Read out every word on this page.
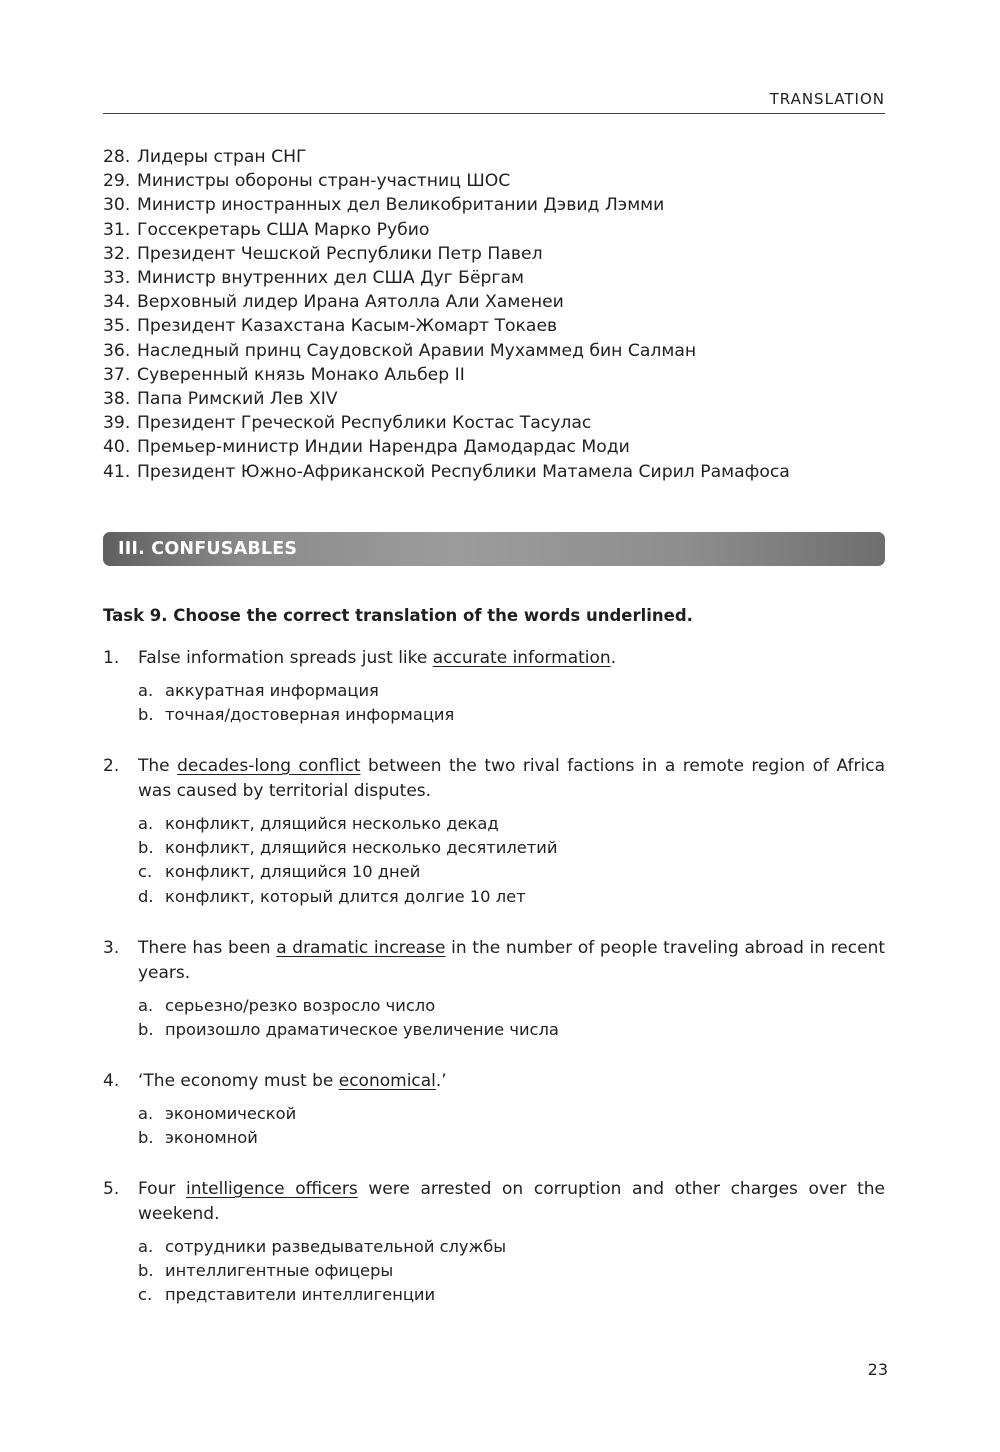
TRANSLATION
28. Лидеры стран СНГ
29. Министры обороны стран-участниц ШОС
30. Министр иностранных дел Великобритании Дэвид Лэмми
31. Госсекретарь США Марко Рубио
32. Президент Чешской Республики Петр Павел
33. Министр внутренних дел США Дуг Бёргам
34. Верховный лидер Ирана Аятолла Али Хаменеи
35. Президент Казахстана Касым-Жомарт Токаев
36. Наследный принц Саудовской Аравии Мухаммед бин Салман
37. Суверенный князь Монако Альбер II
38. Папа Римский Лев XIV
39. Президент Греческой Республики Костас Тасулас
40. Премьер-министр Индии Нарендра Дамодардас Моди
41. Президент Южно-Африканской Республики Матамела Сирил Рамафоса
III. CONFUSABLES
Task 9. Choose the correct translation of the words underlined.
1. False information spreads just like accurate information.
a. аккуратная информация
b. точная/достоверная информация
2. The decades-long conflict between the two rival factions in a remote region of Africa was caused by territorial disputes.
a. конфликт, длящийся несколько декад
b. конфликт, длящийся несколько десятилетий
c. конфликт, длящийся 10 дней
d. конфликт, который длится долгие 10 лет
3. There has been a dramatic increase in the number of people traveling abroad in recent years.
a. серьезно/резко возросло число
b. произошло драматическое увеличение числа
4. ‘The economy must be economical.’
a. экономической
b. экономной
5. Four intelligence officers were arrested on corruption and other charges over the weekend.
a. сотрудники разведывательной службы
b. интеллигентные офицеры
c. представители интеллигенции
23
